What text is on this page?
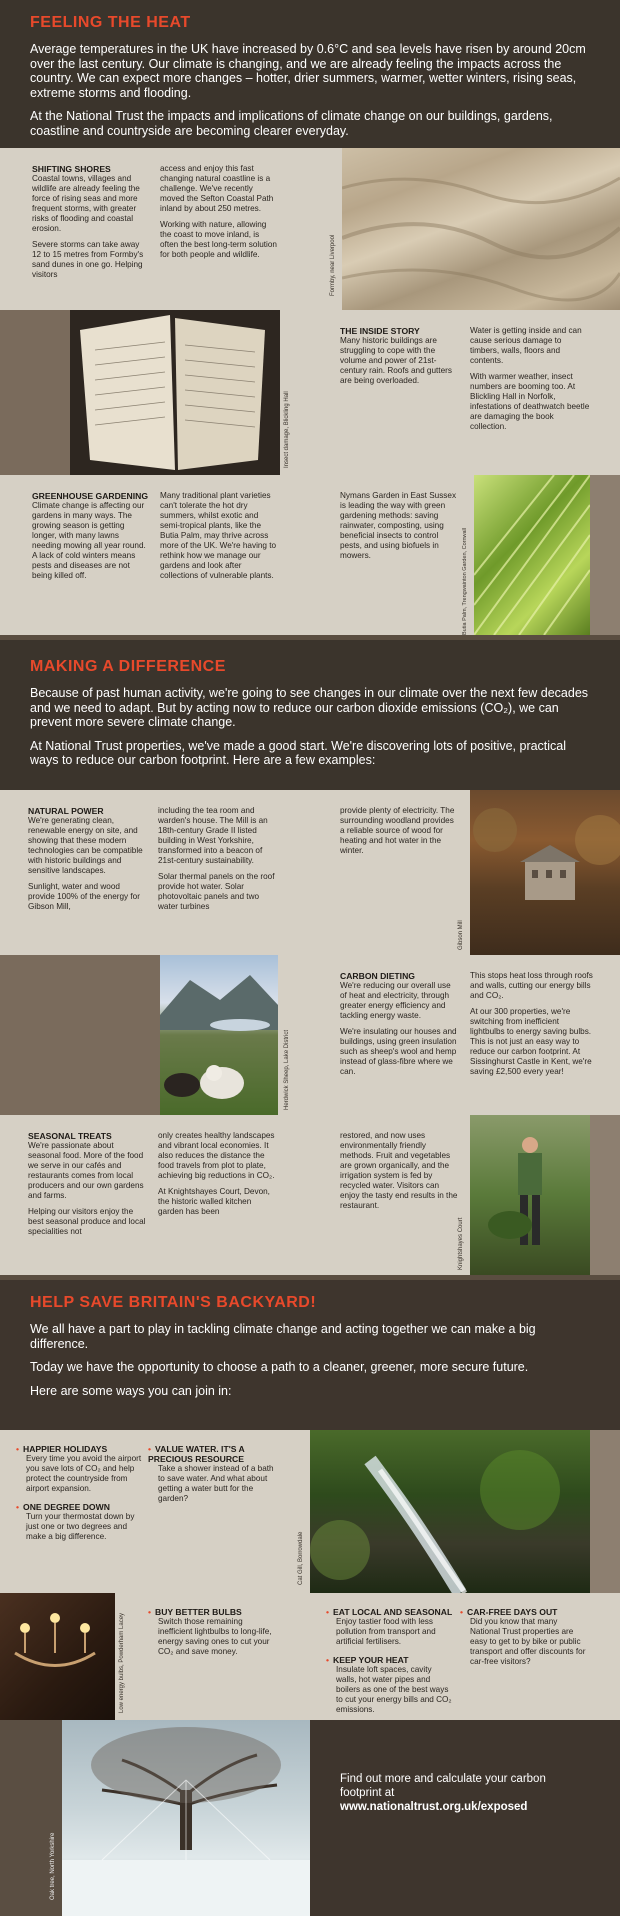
FEELING THE HEAT

Average temperatures in the UK have increased by 0.6°C and sea levels have risen by around 20cm over the last century. Our climate is changing, and we are already feeling the impacts across the country. We can expect more changes – hotter, drier summers, warmer, wetter winters, rising seas, extreme storms and flooding.

At the National Trust the impacts and implications of climate change on our buildings, gardens, coastline and countryside are becoming clearer everyday.

SHIFTING SHORES

Coastal towns, villages and wildlife are already feeling the force of rising seas and more frequent storms, with greater risks of flooding and coastal erosion.

Severe storms can take away 12 to 15 metres from Formby's sand dunes in one go. Helping visitors

access and enjoy this fast changing natural coastline is a challenge. We've recently moved the Sefton Coastal Path inland by about 250 metres.

Working with nature, allowing the coast to move inland, is often the best long-term solution for both people and wildlife.	Formby, near Liverpool
Insect damage, Blickling Hall
THE INSIDE STORY

Many historic buildings are struggling to cope with the volume and power of 21st-century rain. Roofs and gutters are being overloaded.

Water is getting inside and can cause serious damage to timbers, walls, floors and contents.

With warmer weather, insect numbers are booming too. At Blickling Hall in Norfolk, infestations of deathwatch beetle are damaging the book collection.

GREENHOUSE GARDENING

Climate change is affecting our gardens in many ways. The growing season is getting longer, with many lawns needing mowing all year round. A lack of cold winters means pests and diseases are not being killed off.

Many traditional plant varieties can't tolerate the hot dry summers, whilst exotic and semi-tropical plants, like the Butia Palm, may thrive across more of the UK. We're having to rethink how we manage our gardens and look after collections of vulnerable plants.

Nymans Garden in East Sussex is leading the way with green gardening methods: saving rainwater, composting, using beneficial insects to control pests, and using biofuels in mowers.	Butia Palm, Trengwainton Garden, Cornwall
MAKING A DIFFERENCE

Because of past human activity, we're going to see changes in our climate over the next few decades and we need to adapt. But by acting now to reduce our carbon dioxide emissions (CO₂), we can prevent more severe climate change.

At National Trust properties, we've made a good start. We're discovering lots of positive, practical ways to reduce our carbon footprint. Here are a few examples:

NATURAL POWER

We're generating clean, renewable energy on site, and showing that these modern technologies can be compatible with historic buildings and sensitive landscapes.

Sunlight, water and wood provide 100% of the energy for Gibson Mill,

including the tea room and warden's house. The Mill is an 18th-century Grade II listed building in West Yorkshire, transformed into a beacon of 21st-century sustainability.

Solar thermal panels on the roof provide hot water. Solar photovoltaic panels and two water turbines

provide plenty of electricity. The surrounding woodland provides a reliable source of wood for heating and hot water in the winter.

Gibson Mill
Herdwick Sheep, Lake District
CARBON DIETING

We're reducing our overall use of heat and electricity, through greater energy efficiency and tackling energy waste.

We're insulating our houses and buildings, using green insulation such as sheep's wool and hemp instead of glass-fibre where we can.

This stops heat loss through roofs and walls, cutting our energy bills and CO₂.

At our 300 properties, we're switching from inefficient lightbulbs to energy saving bulbs. This is not just an easy way to reduce our carbon footprint. At Sissinghurst Castle in Kent, we're saving £2,500 every year!

SEASONAL TREATS

We're passionate about seasonal food. More of the food we serve in our cafés and restaurants comes from local producers and our own gardens and farms.

Helping our visitors enjoy the best seasonal produce and local specialities not

only creates healthy landscapes and vibrant local economies. It also reduces the distance the food travels from plot to plate, achieving big reductions in CO₂.

At Knightshayes Court, Devon, the historic walled kitchen garden has been

restored, and now uses environmentally friendly methods. Fruit and vegetables are grown organically, and the irrigation system is fed by recycled water. Visitors can enjoy the tasty end results in the restaurant.

Knightshayes Court
HELP SAVE BRITAIN'S BACKYARD!

We all have a part to play in tackling climate change and acting together we can make a big difference.

Today we have the opportunity to choose a path to a cleaner, greener, more secure future.

Here are some ways you can join in:

• HAPPIER HOLIDAYS
Every time you avoid the airport you save lots of CO₂ and help protect the countryside from airport expansion.
• ONE DEGREE DOWN
Turn your thermostat down by just one or two degrees and make a big difference.
• VALUE WATER. IT'S A PRECIOUS RESOURCE
Take a shower instead of a bath to save water. And what about getting a water butt for the garden?
Cat Gill, Borrowdale
Low energy bulbs, Powderham Lacey
• BUY BETTER BULBS
Switch those remaining inefficient lightbulbs to long-life, energy saving ones to cut your CO₂ and save money.
• EAT LOCAL AND SEASONAL
Enjoy tastier food with less pollution from transport and artificial fertilisers.
• KEEP YOUR HEAT
Insulate loft spaces, cavity walls, hot water pipes and boilers as one of the best ways to cut your energy bills and CO₂ emissions.
• CAR-FREE DAYS OUT
Did you know that many National Trust properties are easy to get to by bike or public transport and offer discounts for car-free visitors?
Oak tree, North Yorkshire
Find out more and calculate your carbon footprint at
www.nationaltrust.org.uk/exposed
